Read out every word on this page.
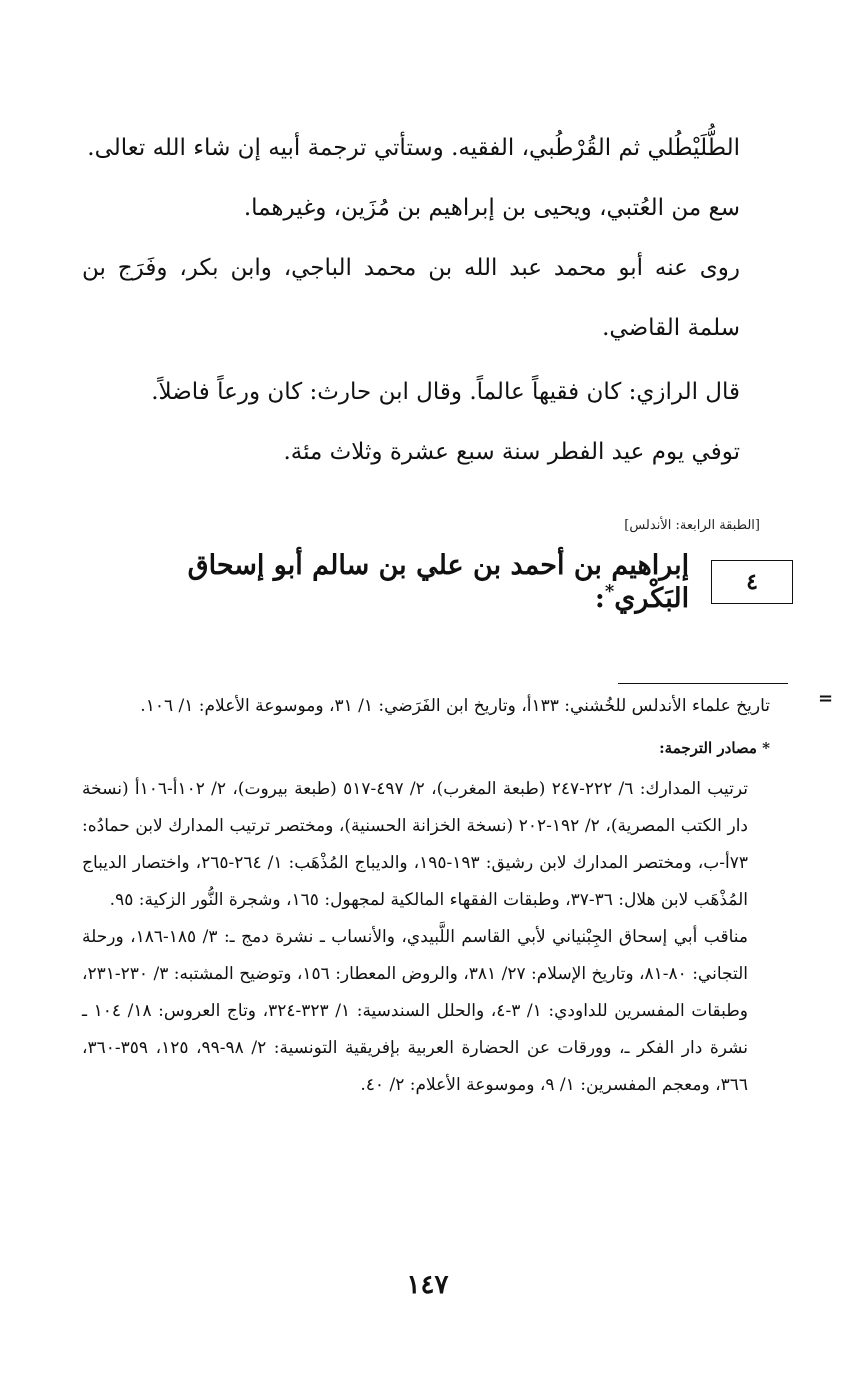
الطُّلَيْطُلي ثم القُرْطُبي، الفقيه. وستأتي ترجمة أبيه إن شاء الله تعالى.

سع من العُتبي، ويحيى بن إبراهيم بن مُزَين، وغيرهما.

روى عنه أبو محمد عبد الله بن محمد الباجي، وابن بكر، وفَرَج بن سلمة القاضي.

قال الرازي: كان فقيهاً عالماً. وقال ابن حارث: كان ورعاً فاضلاً.

توفي يوم عيد الفطر سنة سبع عشرة وثلاث مئة.

[الطبقة الرابعة: الأندلس]
٤
إبراهيم بن أحمد بن علي بن سالم أبو إسحاق البَكْري*:
=

تاريخ علماء الأندلس للخُشني: ١٣٣أ، وتاريخ ابن الفَرَضي: ١/ ٣١، وموسوعة الأعلام: ١/ ١٠٦.

* مصادر الترجمة:

ترتيب المدارك: ٦/ ٢٢٢-٢٤٧ (طبعة المغرب)، ٢/ ٤٩٧-٥١٧ (طبعة بيروت)، ٢/ ١٠٢أ-١٠٦أ (نسخة دار الكتب المصرية)، ٢/ ١٩٢-٢٠٢ (نسخة الخزانة الحسنية)، ومختصر ترتيب المدارك لابن حمادُه: ٧٣أ-ب، ومختصر المدارك لابن رشيق: ١٩٣-١٩٥، والديباج المُذْهَب: ١/ ٢٦٤-٢٦٥، واختصار الديباج المُذْهَب لابن هلال: ٣٦-٣٧، وطبقات الفقهاء المالكية لمجهول: ١٦٥، وشجرة النُّور الزكية: ٩٥.

مناقب أبي إسحاق الجِبْنياني لأبي القاسم اللَّبيدي، والأنساب ـ نشرة دمج ـ: ٣/ ١٨٥-١٨٦، ورحلة التجاني: ٨٠-٨١، وتاريخ الإسلام: ٢٧/ ٣٨١، والروض المعطار: ١٥٦، وتوضيح المشتبه: ٣/ ٢٣٠-٢٣١، وطبقات المفسرين للداودي: ١/ ٣-٤، والحلل السندسية: ١/ ٣٢٣-٣٢٤، وتاج العروس: ١٨/ ١٠٤ ـ نشرة دار الفكر ـ، وورقات عن الحضارة العربية بإفريقية التونسية: ٢/ ٩٨-٩٩، ١٢٥، ٣٥٩-٣٦٠، ٣٦٦، ومعجم المفسرين: ١/ ٩، وموسوعة الأعلام: ٢/ ٤٠.

١٤٧
